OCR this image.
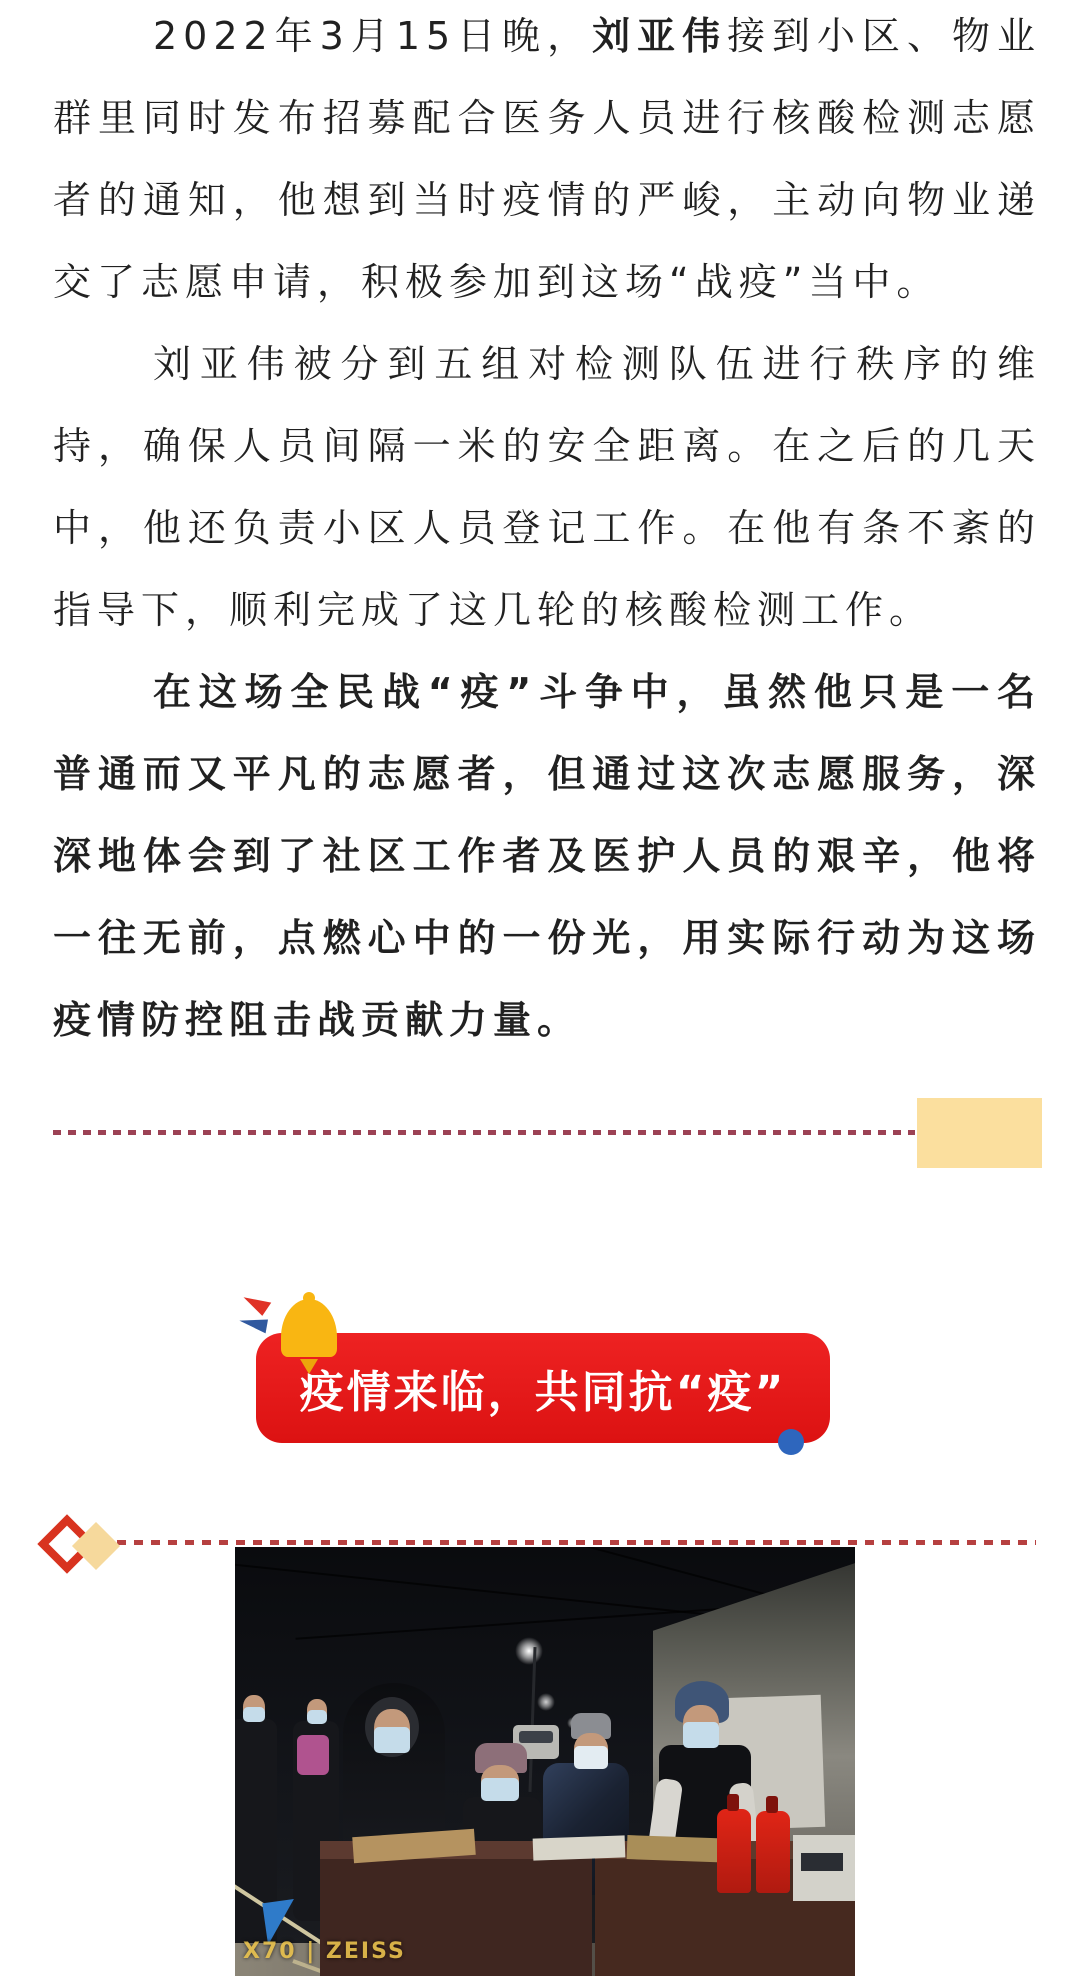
2022年3月15日晚，刘亚伟接到小区、物业群里同时发布招募配合医务人员进行核酸检测志愿者的通知，他想到当时疫情的严峻，主动向物业递交了志愿申请，积极参加到这场“战疫”当中。

刘亚伟被分到五组对检测队伍进行秩序的维持，确保人员间隔一米的安全距离。在之后的几天中，他还负责小区人员登记工作。在他有条不紊的指导下，顺利完成了这几轮的核酸检测工作。

在这场全民战“疫”斗争中，虽然他只是一名普通而又平凡的志愿者，但通过这次志愿服务，深深地体会到了社区工作者及医护人员的艰辛，他将一往无前，点燃心中的一份光，用实际行动为这场疫情防控阻击战贡献力量。

疫情来临，共同抗“疫”
X70 | ZEISS
